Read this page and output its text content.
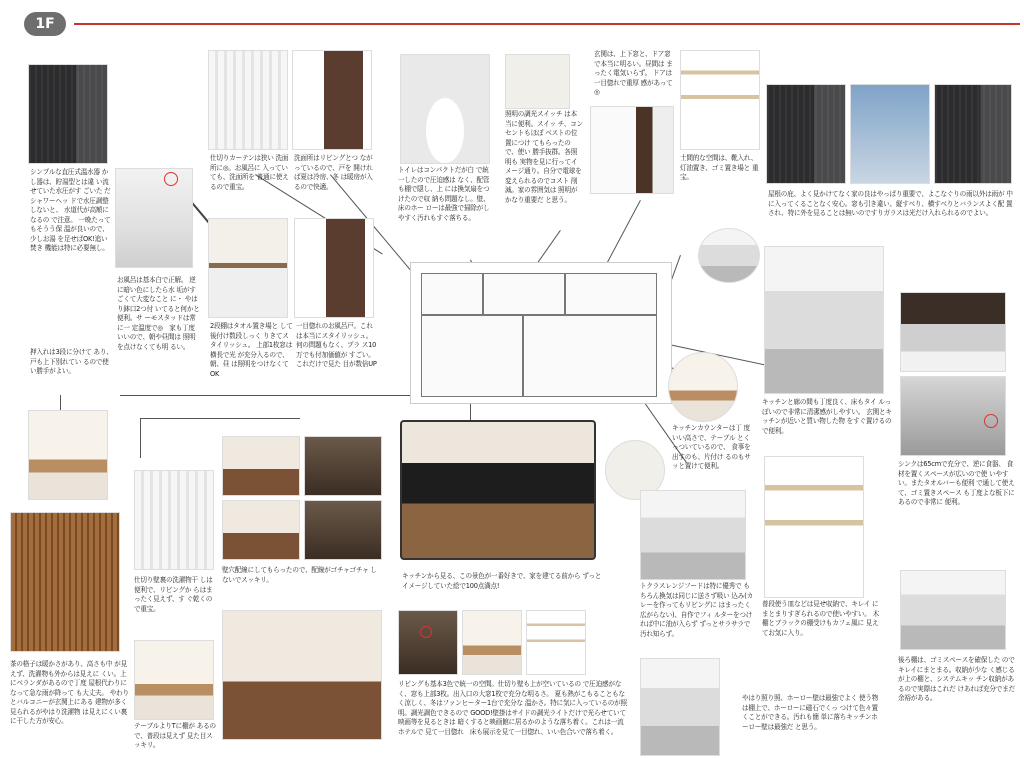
1F
シンプルな直圧式温水器 かし器は、貯湯型とは違 い流せていた水圧がす ごいた だシャワーヘッ ドで水圧調整しないと、 水道代が高額になるの で注意。 一晩たってもそうう保 温が良いので、少しお湯 を足せばOK!追い焚き 機能は特に必要無し。
お風呂は基本白で正解。 逆に暗い色にしたら水 垢がすごくて大変なこと に・ やはり鉢口2つ付 いてると何かと便利。サ ーモスタッドは常に一 定温度で◎　家も丁度 いいので、朝や昼間は 照明を点けなくても明 るい。
仕切りカーテンは狭い 洗面所に◎。お風呂に 入っていても、洗面所を 普通に使えるので重宝。
洗面所はリビングとつ ながっているので、戸を 開ければ夏は冷房、冬 は暖房が入るので快適。
2段棚はタオル置き場と して後付け数段しっく りきてスタイリッシュ。 上部1枚窓は横長で光 が充分入るので、朝、昼 は照明をつけなくてOK
一目惚れのお風呂戸。これ は本当にスタイリッシュ。何の問題もなく、プラ ス10万でも付加価値が すごい。これだけで見た 目が数倍UP
トイレはコンパクトだが白 で統一したので圧迫感は なく、配管も棚で隠し、上 には換気扇をつけたので収 納も問題なし。壁、床のホー ローは最強で掃除がし やすく汚れもすぐ落ちる。
照明の調光スイッチ は本当に便利。スイッ チ、コンセントもほぼ ベストの位置につけ てもらったので、使い 勝手抜群。各照明も 実物を見に行ってイ メージ通り。自分で電球を 変えられるのでコスト 削減。家の雰囲気は 照明がかなり重要だ と思う。
玄関は、上下窓と、ドア窓 で本当に明るい。昼間は まったく電気いらず。 ドアは一目惚れで重厚 感があって◎
土間的な空間は、靴入れ、 灯油置き、ゴミ置き場と 重宝。
屋根の庇、よく見かけてなく家の良はやっぱり重要で、よこなぐりの雨以外は雨が 中に入ってくることなく安心。窓も引き違い、縦すべり、横すべりとバランスよく配 置され、特に外を見ることは無いのですりガラスは光だけ入れられるのでよい。
キッチンと廊の間も丁度良く、床もタイ ルっぽいので非常に清潔感がしやすい。 玄関とキッチンが近いと買い物した物 をすぐ置けるので便利。
シンクは65cmで充分で、逆に食器、 食材を置くスペースが広いので使 いやすい。またタオルバーも便利 で通して使えて、ゴミ置きスペース も丁度よな板下にあるので非常に 便利。
押入れは3段に分けて あり、戸も上下別れてい るので使い勝手がよい。
仕切り壁裏の洗濯物干 しは便利で、リビングか らはまったく見えず、す ぐ乾くので重宝。
壁穴配線にしてもらったので、配線がゴチャゴチャ しないでスッキリ。	キッチンから見る、この景色が一番好きで、家を建てる前から ずっとイメージしていた絵で100点満点!
キッチンカウンターは丁 度いい高さで、テーブル とくっついているので、 食事を出すのも、片付け るのもサッと置けて便利。
トクラスレンジフードは特に優秀で もちろん換気は同じに送さず吸い 込み(カレーを作ってもリビングに はまったく広がらない)、自作でフィ ルターをつければ中に油が入らず ずっとサラサラで汚れ知らず。
普段使う皿などは見せ収納で、キレイ にまとまりすぎられるので使いやすい。 木棚とブラックの棚受けもカフェ風に 見えてお気に入り。
後ろ棚は、ゴミスペースを確保した のでキレイにまとまる。収納が少な く感じるが上の棚と、システムキッ チン収納があるので実際はこれだ けあれば充分でまだ余裕がある。
茶の格子は暖かさがあり、高さも中 が見えず、洗濯物も外からは見えに くい。上にベランダがあるので丁度 屋根代わりになって急な雨が降って も大丈夫。 やわりとバルコニーが玄関上にある 建物が多く見られるがやはり洗濯物 は見えにくい裏に干した方が安心。
テーブルよりTに棚が あるので、普段は見えず 見た目スッキリ。
リビングも基本3色で統一の空間。仕切り壁も上が空いているの で圧迫感がなく、窓も上部3枚。出入口の大窓1枚で充分な明るさ。 夏も熱がこもることもなく涼しく、冬はファンヒーター1台で充分な 温かさ。特に気に入っているのが照明。調光調色できるので GOOD!壁掛はサイドの調光ライトだけで光らせていて映画等を見るときは 暗くすると映画館に居るかのような落ち着く。これは一流ホテルで 見て一目惚れ　床も展示を見て一目惚れ、いい色合いで落ち着く。
やはり照り照、ホーロー壁は最強でよく 使う物は棚上で、ホーローに磁石でくっ つけて色々置くことができる。汚れも簡 単に落ちキッチンホーロー壁は最強だ と思う。
